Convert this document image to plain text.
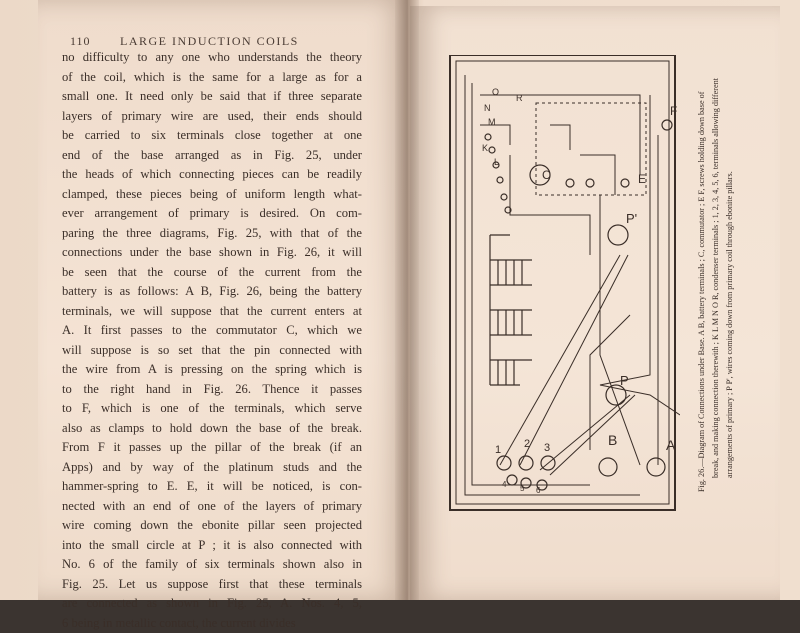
110 LARGE INDUCTION COILS
no difficulty to any one who understands the theory
of the coil, which is the same for a large as for a
small one. It need only be said that if three separate
layers of primary wire are used, their ends should
be carried to six terminals close together at one
end of the base arranged as in Fig. 25, under
the heads of which connecting pieces can be readily
clamped, these pieces being of uniform length what-
ever arrangement of primary is desired. On com-
paring the three diagrams, Fig. 25, with that of the
connections under the base shown in Fig. 26, it will
be seen that the course of the current from the
battery is as follows: A B, Fig. 26, being the battery
terminals, we will suppose that the current enters at
A. It first passes to the commutator C, which we
will suppose is so set that the pin connected with
the wire from A is pressing on the spring which is
to the right hand in Fig. 26. Thence it passes
to F, which is one of the terminals, which serve
also as clamps to hold down the base of the break.
From F it passes up the pillar of the break (if an
Apps) and by way of the platinum studs and the
hammer-spring to E. E, it will be noticed, is con-
nected with an end of one of the layers of primary
wire coming down the ebonite pillar seen projected
into the small circle at P ; it is also connected with
No. 6 of the family of six terminals shown also in
Fig. 25. Let us suppose first that these terminals
are connected as shown in Fig. 25, A. Nos. 4, 5,
6 being in metallic contact, the current divides
1 2 3
4 5 6
A
B
P
P'
K
L
M
N
O
R
C	E
F Fig. 26.—Diagram of Connections under Base. A B, battery terminals ; C, commutator ; E F, screws holding down base of break, and making connection therewith ; K L M N O R, condenser terminals ; 1, 2, 3, 4, 5, 6, terminals allowing different arrangements of primary ; P P', wires coming down from primary coil through ebonite pillars.
